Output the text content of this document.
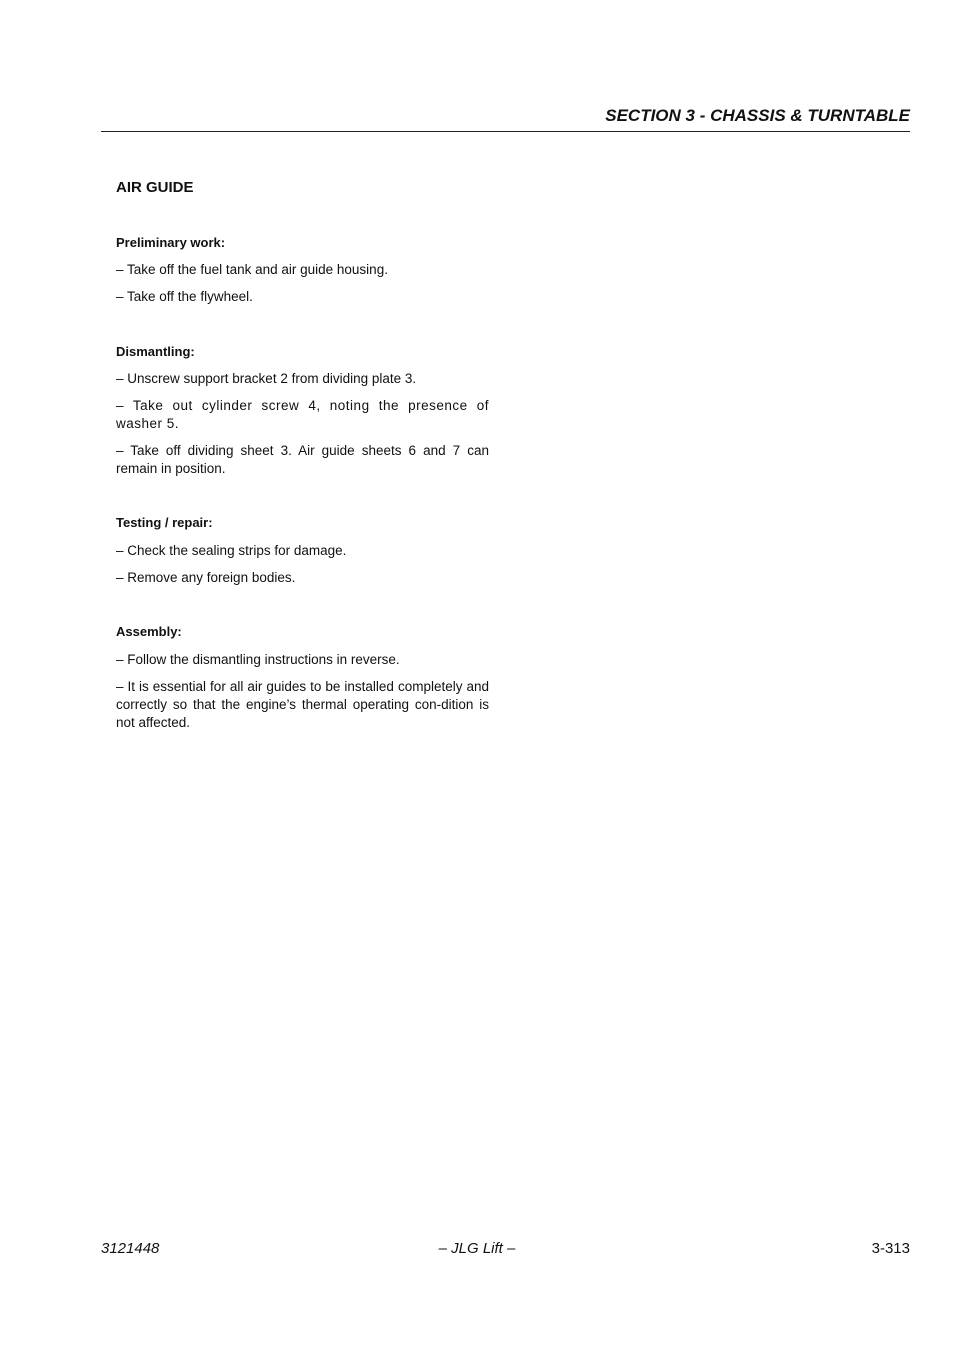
SECTION 3 - CHASSIS & TURNTABLE
AIR GUIDE
Preliminary work:

– Take off the fuel tank and air guide housing.

– Take off the flywheel.

Dismantling:

– Unscrew support bracket 2 from dividing plate 3.

– Take out cylinder screw 4, noting the presence of washer 5.

– Take off dividing sheet 3. Air guide sheets 6 and 7 can remain in position.

Testing / repair:

– Check the sealing strips for damage.

– Remove any foreign bodies.

Assembly:

– Follow the dismantling instructions in reverse.

– It is essential for all air guides to be installed completely and correctly so that the engine’s thermal operating con-dition is not affected.

– JLG Lift –
3121448	3-313
